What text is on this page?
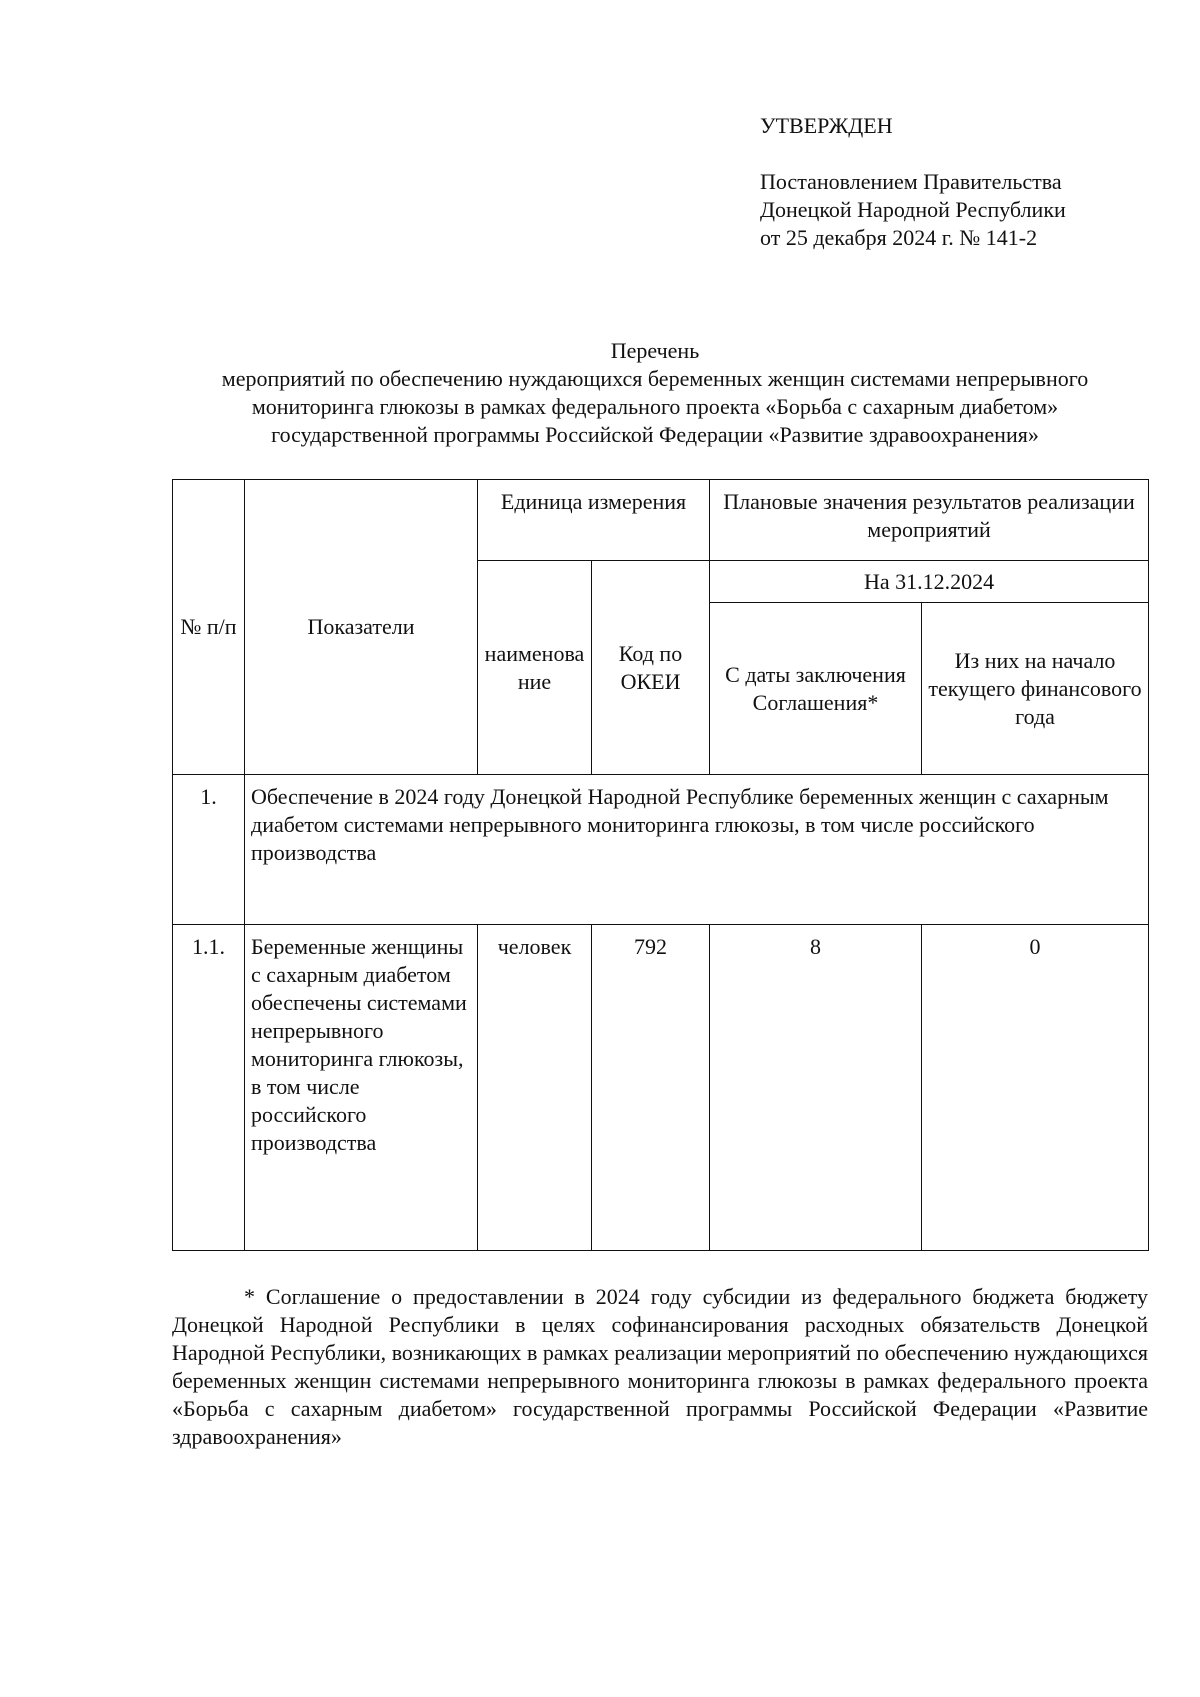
УТВЕРЖДЕН
Постановлением Правительства
Донецкой Народной Республики
от 25 декабря 2024 г. № 141-2
Перечень
мероприятий по обеспечению нуждающихся беременных женщин системами непрерывного
мониторинга глюкозы в рамках федерального проекта «Борьба с сахарным диабетом»
государственной программы Российской Федерации «Развитие здравоохранения»
№ п/п	Показатели	Единица измерения		Плановые значения результатов реализации мероприятий	
		наименова ние	Код по ОКЕИ	На 31.12.2024	
				С даты заключения Соглашения*	Из них на начало текущего финансового года
1.	Обеспечение в 2024 году Донецкой Народной Республике беременных женщин с сахарным диабетом системами непрерывного мониторинга глюкозы, в том числе российского производства				
1.1.	Беременные женщины с сахарным диабетом обеспечены системами непрерывного мониторинга глюкозы, в том числе российского производства	человек	792	8	0
* Соглашение о предоставлении в 2024 году субсидии из федерального бюджета бюджету Донецкой Народной Республики в целях софинансирования расходных обязательств Донецкой Народной Республики, возникающих в рамках реализации мероприятий по обеспечению нуждающихся беременных женщин системами непрерывного мониторинга глюкозы в рамках федерального проекта «Борьба с сахарным диабетом» государственной программы Российской Федерации «Развитие здравоохранения»
